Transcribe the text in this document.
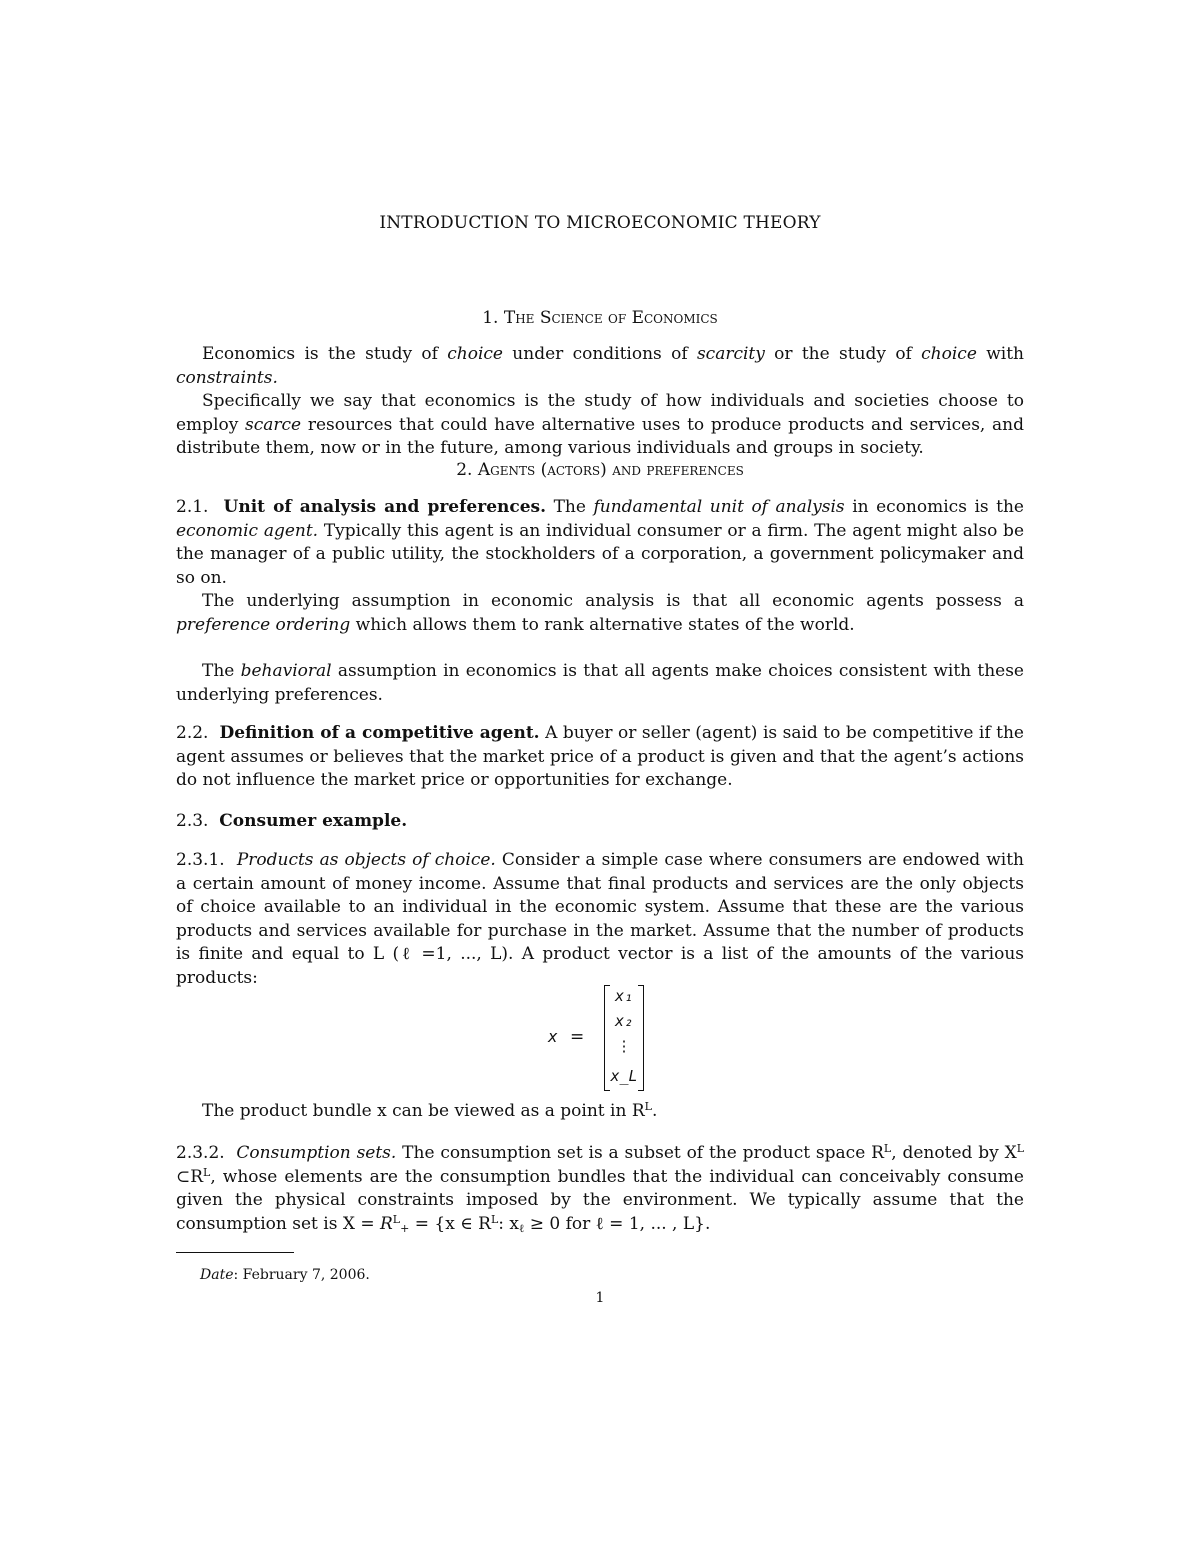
INTRODUCTION TO MICROECONOMIC THEORY
1. The Science of Economics

Economics is the study of choice under conditions of scarcity or the study of choice with constraints.

Specifically we say that economics is the study of how individuals and societies choose to employ scarce resources that could have alternative uses to produce products and services, and distribute them, now or in the future, among various individuals and groups in society.

2. Agents (actors) and preferences

2.1. Unit of analysis and preferences. The fundamental unit of analysis in economics is the economic agent. Typically this agent is an individual consumer or a firm. The agent might also be the manager of a public utility, the stockholders of a corporation, a government policymaker and so on.

The underlying assumption in economic analysis is that all economic agents possess a preference ordering which allows them to rank alternative states of the world.

The behavioral assumption in economics is that all agents make choices consistent with these underlying preferences.

2.2. Definition of a competitive agent. A buyer or seller (agent) is said to be competitive if the agent assumes or believes that the market price of a product is given and that the agent’s actions do not influence the market price or opportunities for exchange.

2.3. Consumer example.

2.3.1. Products as objects of choice. Consider a simple case where consumers are endowed with a certain amount of money income. Assume that final products and services are the only objects of choice available to an individual in the economic system. Assume that these are the various products and services available for purchase in the market. Assume that the number of products is finite and equal to L (ℓ =1, ..., L). A product vector is a list of the amounts of the various products:

x =
x₁
x₂
⋮
x_L

The product bundle x can be viewed as a point in $R^L$.

2.3.2. Consumption sets. The consumption set is a subset of the product space $R^L$, denoted by $X^L$ $\subset R^L$, whose elements are the consumption bundles that the individual can conceivably consume given the physical constraints imposed by the environment. We typically assume that the consumption set is $X = R^L_+ = \{x$ ∈ $R^L$: $x_\ell \ge 0$ for ℓ = 1, ... , L}.

Date: February 7, 2006.
1
